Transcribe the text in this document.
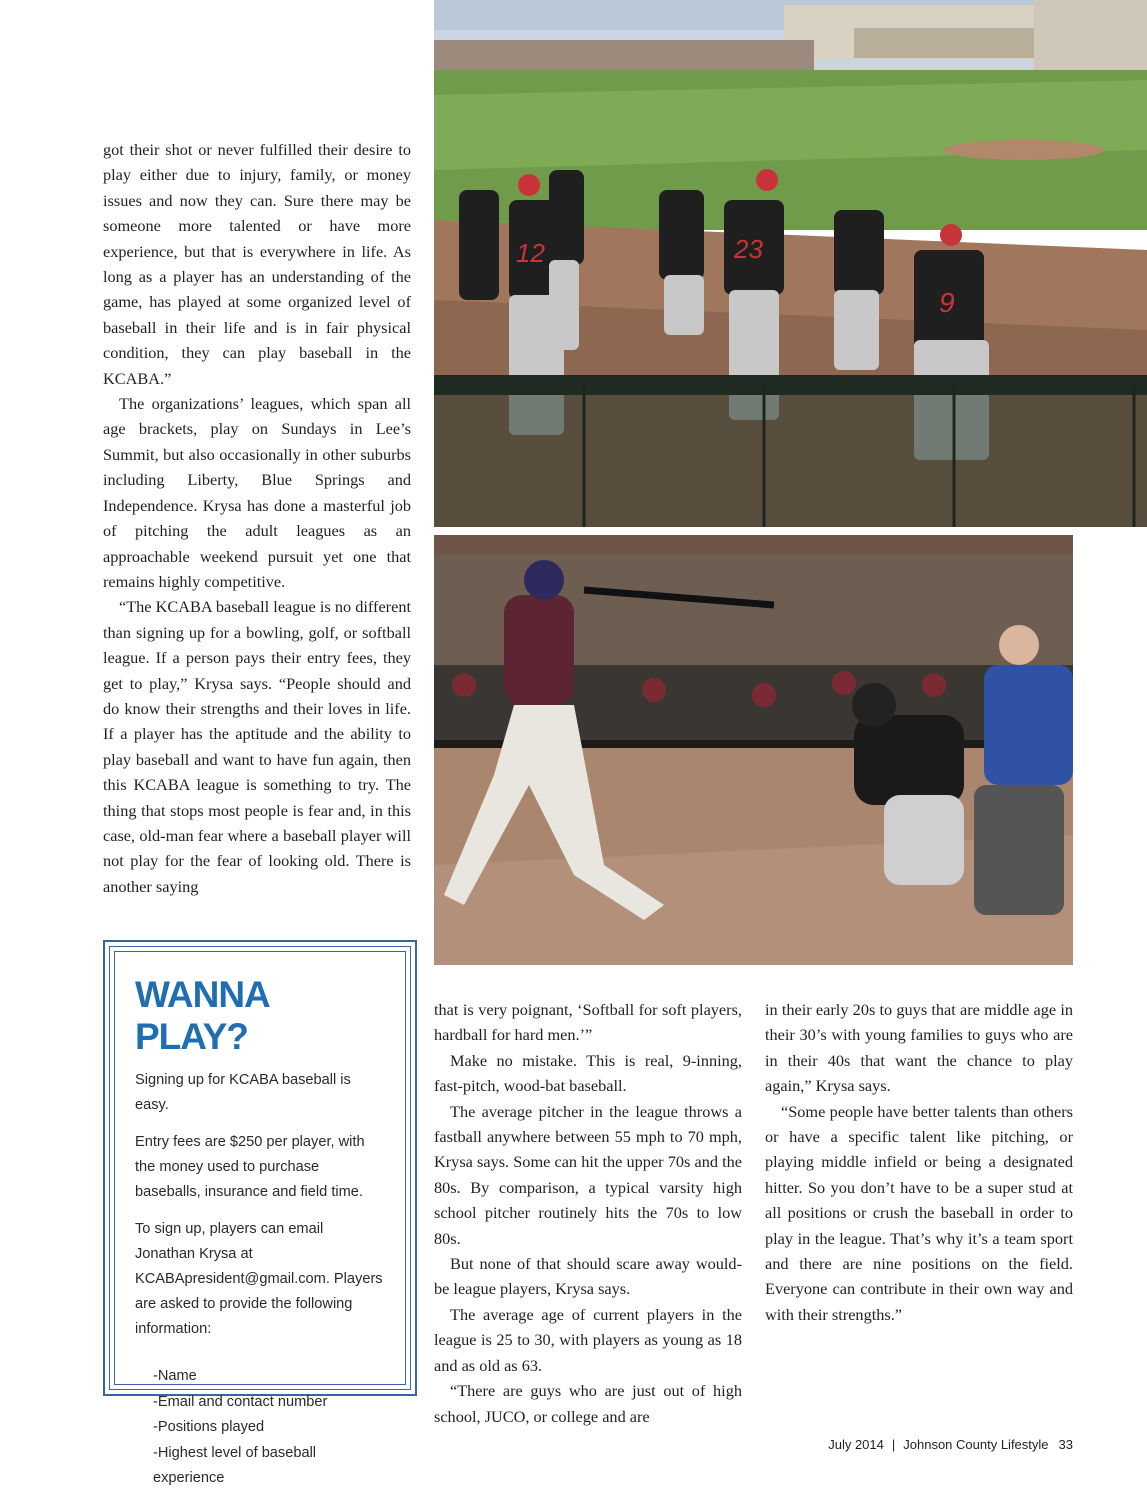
got their shot or never fulfilled their desire to play either due to injury, family, or money issues and now they can. Sure there may be someone more talented or have more experience, but that is everywhere in life. As long as a player has an understanding of the game, has played at some organized level of baseball in their life and is in fair physical condition, they can play baseball in the KCABA.”

The organizations’ leagues, which span all age brackets, play on Sundays in Lee’s Summit, but also occasionally in other suburbs including Liberty, Blue Springs and Independence. Krysa has done a masterful job of pitching the adult leagues as an approachable weekend pursuit yet one that remains highly competitive.

“The KCABA baseball league is no different than signing up for a bowling, golf, or softball league. If a person pays their entry fees, they get to play,” Krysa says. “People should and do know their strengths and their loves in life. If a player has the aptitude and the ability to play baseball and want to have fun again, then this KCABA league is something to try. The thing that stops most people is fear and, in this case, old-man fear where a baseball player will not play for the fear of looking old. There is another saying

12	23
9
WANNA PLAY?

Signing up for KCABA baseball is easy.

Entry fees are $250 per player, with the money used to purchase baseballs, insurance and field time.

To sign up, players can email Jonathan Krysa at KCABApresident@gmail.com. Players are asked to provide the following information:

-Name
-Email and contact number
-Positions played
-Highest level of baseball experience

that is very poignant, ‘Softball for soft players, hardball for hard men.’”

Make no mistake. This is real, 9-inning, fast-pitch, wood-bat baseball.

The average pitcher in the league throws a fastball anywhere between 55 mph to 70 mph, Krysa says. Some can hit the upper 70s and the 80s. By comparison, a typical varsity high school pitcher routinely hits the 70s to low 80s.

But none of that should scare away would-be league players, Krysa says.

The average age of current players in the league is 25 to 30, with players as young as 18 and as old as 63.

“There are guys who are just out of high school, JUCO, or college and are

in their early 20s to guys that are middle age in their 30’s with young families to guys who are in their 40s that want the chance to play again,” Krysa says.

“Some people have better talents than others or have a specific talent like pitching, or playing middle infield or being a designated hitter. So you don’t have to be a super stud at all positions or crush the baseball in order to play in the league. That’s why it’s a team sport and there are nine positions on the field. Everyone can contribute in their own way and with their strengths.”

July 2014 | Johnson County Lifestyle 33
